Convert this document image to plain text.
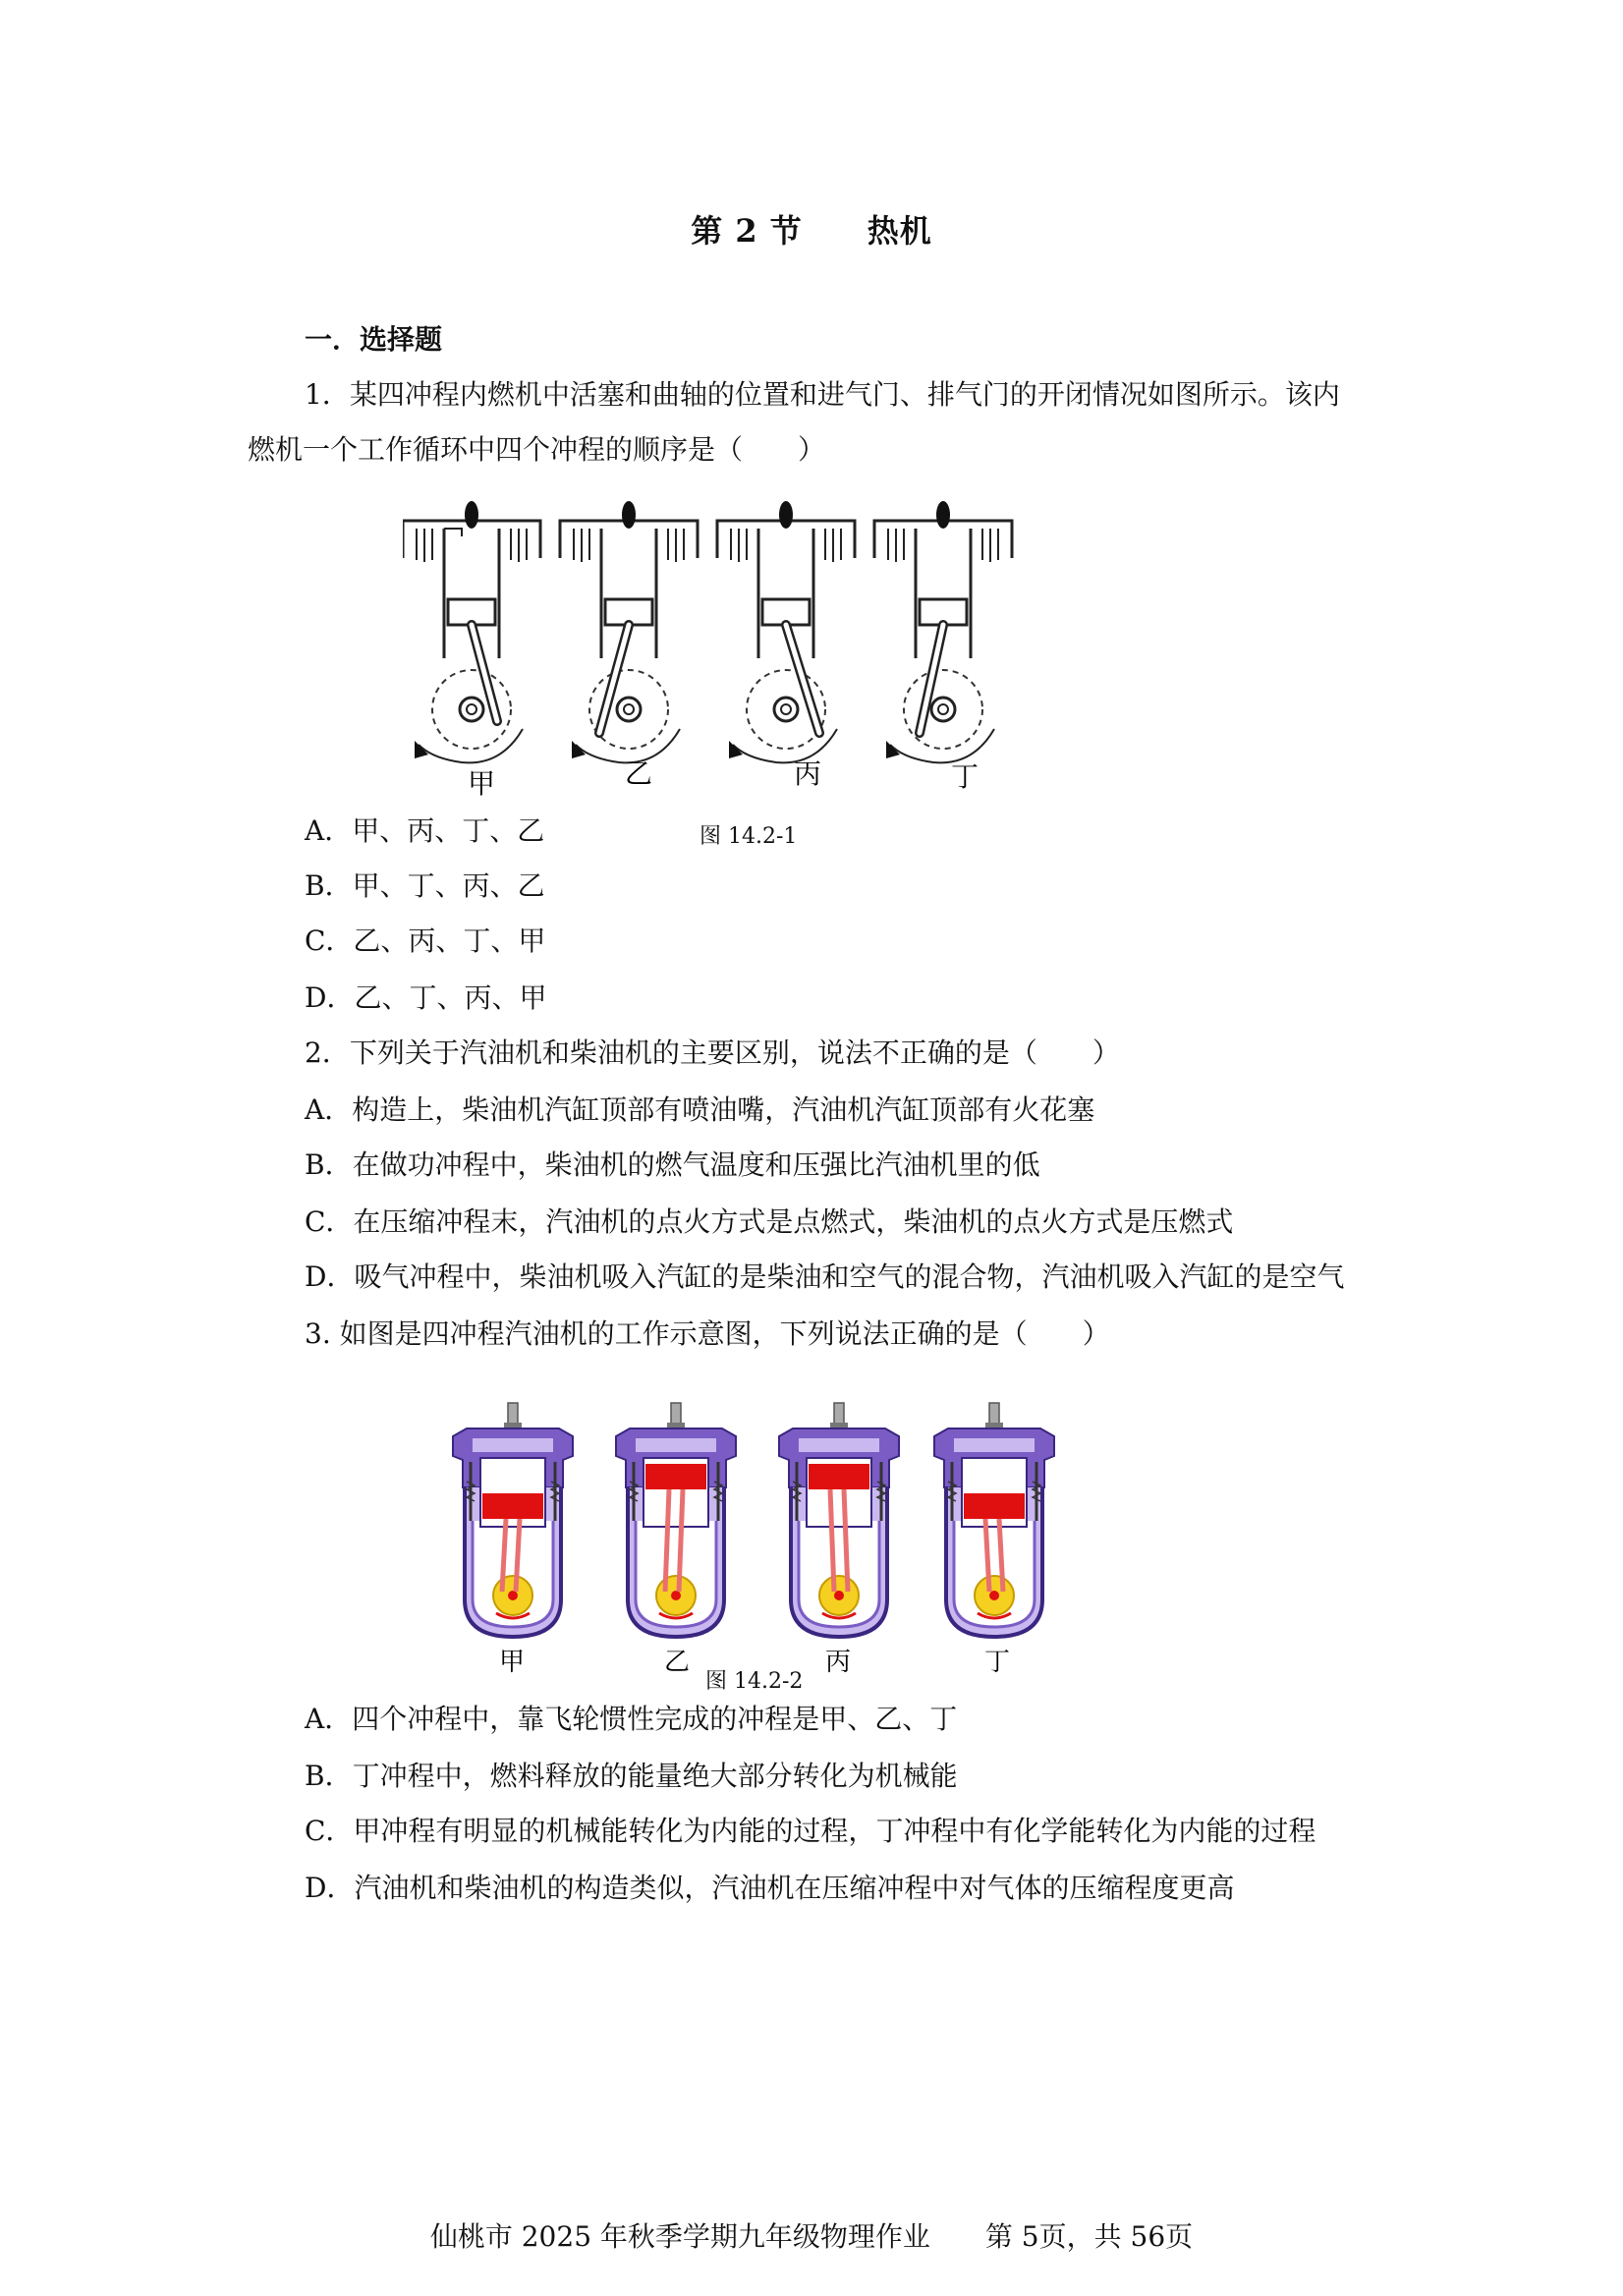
第 2 节　　热机
一．选择题
1．某四冲程内燃机中活塞和曲轴的位置和进气门、排气门的开闭情况如图所示。该内
燃机一个工作循环中四个冲程的顺序是（　　）
甲	乙	丙	丁
A．甲、丙、丁、乙	图 14.2-1
B．甲、丁、丙、乙
C．乙、丙、丁、甲
D．乙、丁、丙、甲
2．下列关于汽油机和柴油机的主要区别，说法不正确的是（　　）
A．构造上，柴油机汽缸顶部有喷油嘴，汽油机汽缸顶部有火花塞
B．在做功冲程中，柴油机的燃气温度和压强比汽油机里的低
C．在压缩冲程末，汽油机的点火方式是点燃式，柴油机的点火方式是压燃式
D．吸气冲程中，柴油机吸入汽缸的是柴油和空气的混合物，汽油机吸入汽缸的是空气
3. 如图是四冲程汽油机的工作示意图，下列说法正确的是（　　）
甲	乙	丙	丁
图 14.2-2
A．四个冲程中，靠飞轮惯性完成的冲程是甲、乙、丁
B．丁冲程中，燃料释放的能量绝大部分转化为机械能
C．甲冲程有明显的机械能转化为内能的过程，丁冲程中有化学能转化为内能的过程
D．汽油机和柴油机的构造类似，汽油机在压缩冲程中对气体的压缩程度更高
仙桃市 2025 年秋季学期九年级物理作业　　第 5页，共 56页
